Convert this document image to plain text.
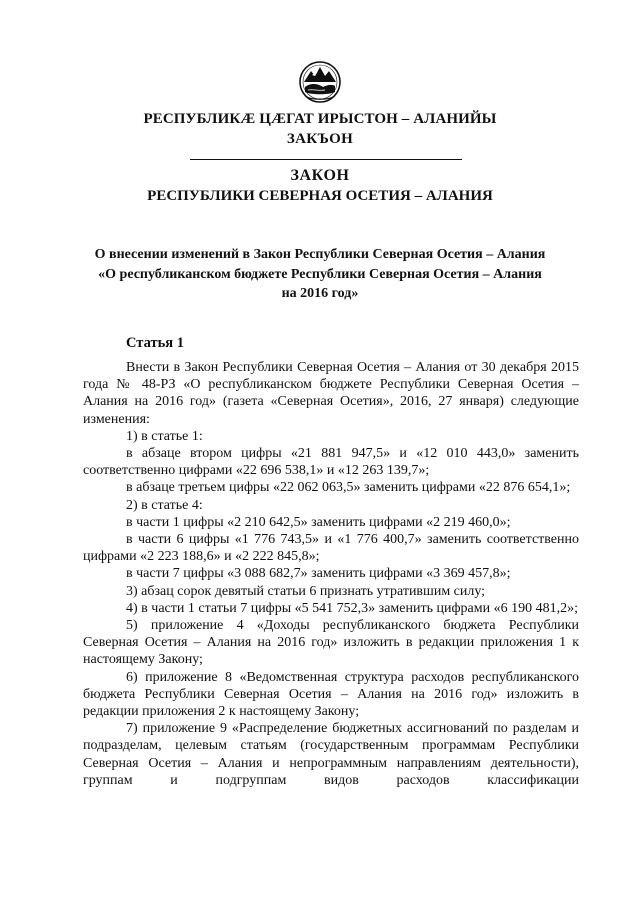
РЕСПУБЛИКÆ ЦÆГАТ ИРЫСТОН – АЛАНИЙЫ
ЗАКЪОН
ЗАКОН
РЕСПУБЛИКИ СЕВЕРНАЯ ОСЕТИЯ – АЛАНИЯ
О внесении изменений в Закон Республики Северная Осетия – Алания
«О республиканском бюджете Республики Северная Осетия – Алания
на 2016 год»
Статья 1

Внести в Закон Республики Северная Осетия – Алания от 30 декабря 2015 года № 48-РЗ «О республиканском бюджете Республики Северная Осетия – Алания на 2016 год» (газета «Северная Осетия», 2016, 27 января) следующие изменения:

1) в статье 1:

в абзаце втором цифры «21 881 947,5» и «12 010 443,0» заменить соответственно цифрами «22 696 538,1» и «12 263 139,7»;

в абзаце третьем цифры «22 062 063,5» заменить цифрами «22 876 654,1»;

2) в статье 4:

в части 1 цифры «2 210 642,5» заменить цифрами «2 219 460,0»;

в части 6 цифры «1 776 743,5» и «1 776 400,7» заменить соответственно цифрами «2 223 188,6» и «2 222 845,8»;

в части 7 цифры «3 088 682,7» заменить цифрами «3 369 457,8»;

3) абзац сорок девятый статьи 6 признать утратившим силу;

4) в части 1 статьи 7 цифры «5 541 752,3» заменить цифрами «6 190 481,2»;

5) приложение 4 «Доходы республиканского бюджета Республики Северная Осетия – Алания на 2016 год» изложить в редакции приложения 1 к настоящему Закону;

6) приложение 8 «Ведомственная структура расходов республиканского бюджета Республики Северная Осетия – Алания на 2016 год» изложить в редакции приложения 2 к настоящему Закону;

7) приложение 9 «Распределение бюджетных ассигнований по разделам и подразделам, целевым статьям (государственным программам Республики Северная Осетия – Алания и непрограммным направлениям деятельности), группам и подгруппам видов расходов классификации
